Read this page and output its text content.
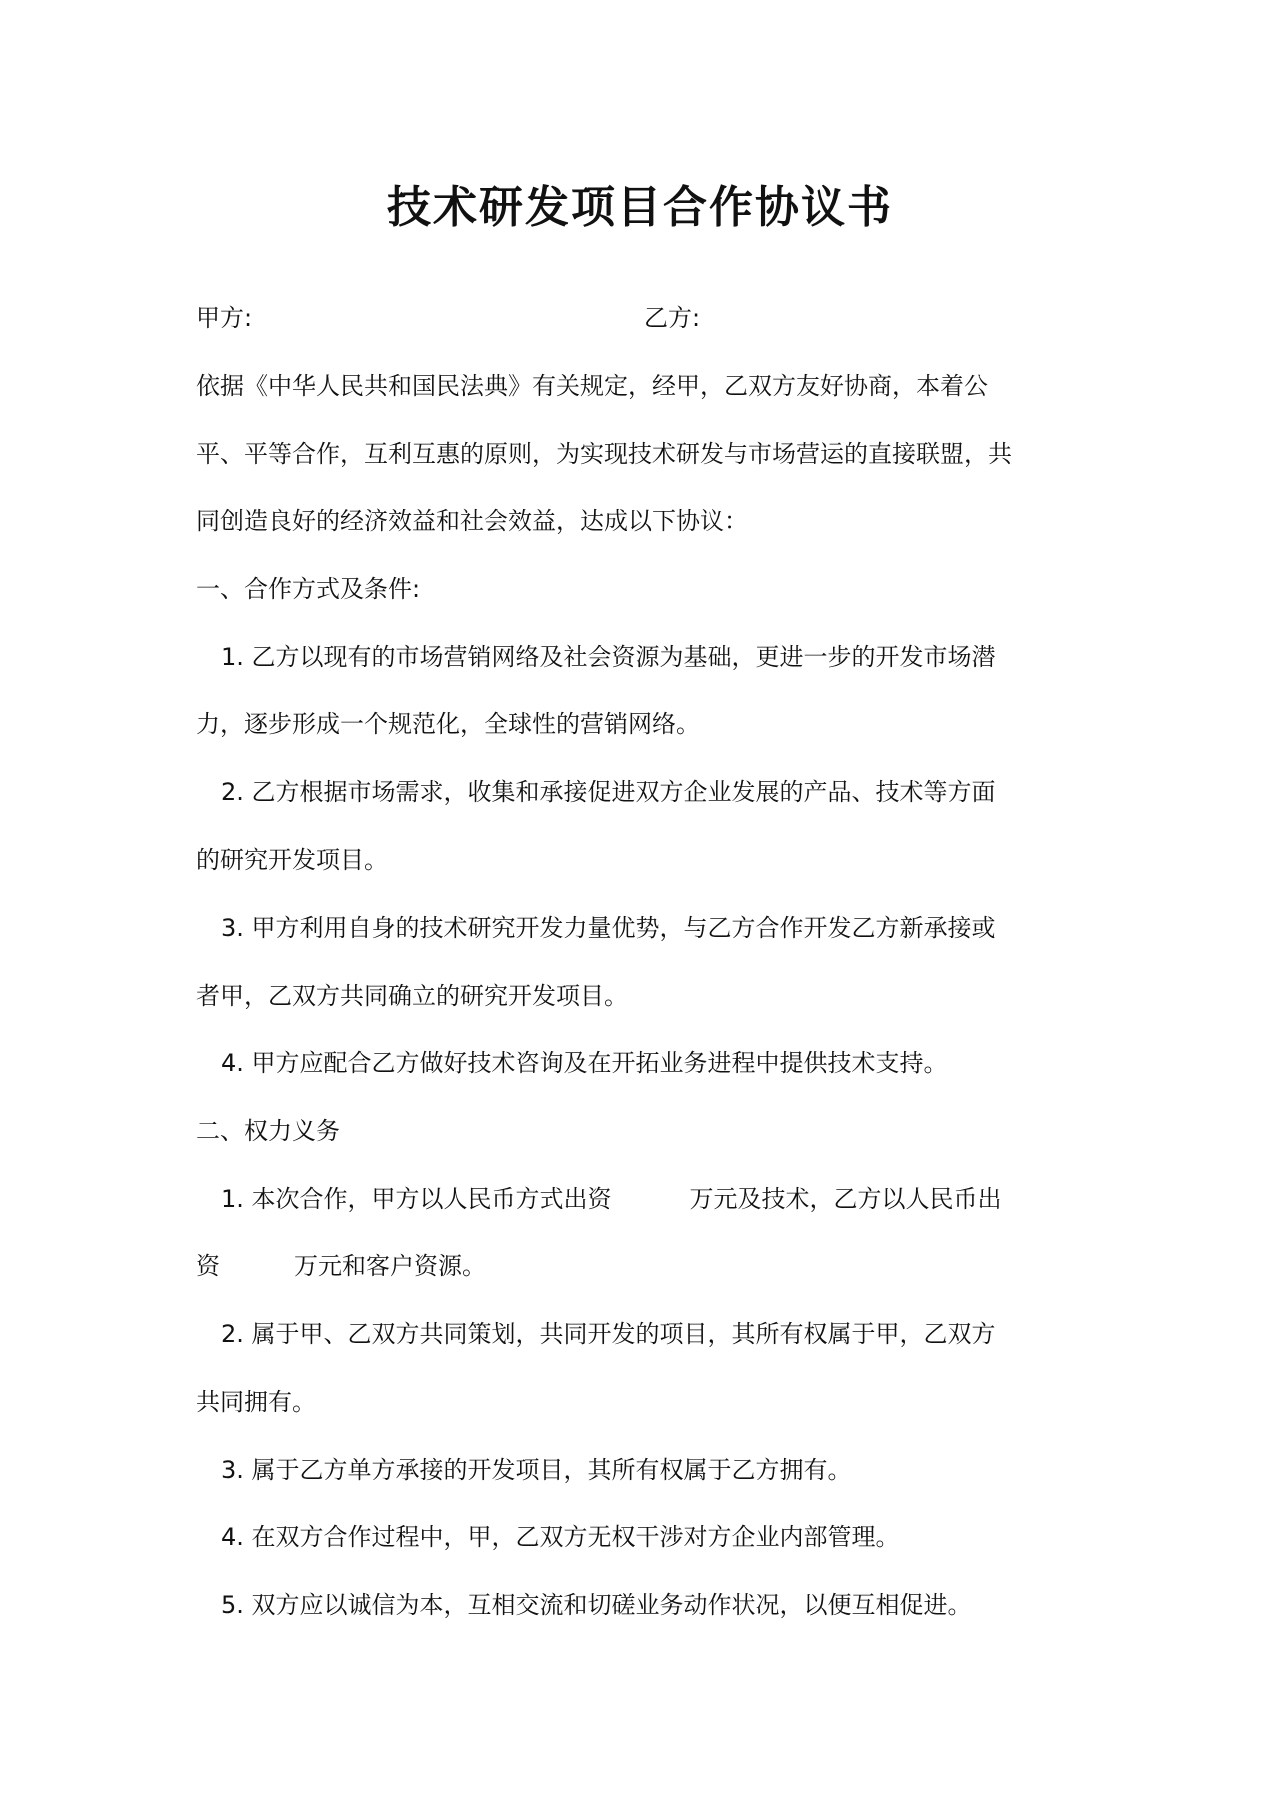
技术研发项目合作协议书
甲方:	乙方:
依据《中华人民共和国民法典》有关规定，经甲，乙双方友好协商，本着公
平、平等合作，互利互惠的原则，为实现技术研发与市场营运的直接联盟，共
同创造良好的经济效益和社会效益，达成以下协议：
一、合作方式及条件:
1. 乙方以现有的市场营销网络及社会资源为基础，更进一步的开发市场潜
力，逐步形成一个规范化，全球性的营销网络。
2. 乙方根据市场需求，收集和承接促进双方企业发展的产品、技术等方面
的研究开发项目。
3. 甲方利用自身的技术研究开发力量优势，与乙方合作开发乙方新承接或
者甲，乙双方共同确立的研究开发项目。
4. 甲方应配合乙方做好技术咨询及在开拓业务进程中提供技术支持。
二、权力义务
1. 本次合作，甲方以人民币方式出资	万元及技术，乙方以人民币出
资	万元和客户资源。
2. 属于甲、乙双方共同策划，共同开发的项目，其所有权属于甲，乙双方
共同拥有。
3. 属于乙方单方承接的开发项目，其所有权属于乙方拥有。
4. 在双方合作过程中，甲，乙双方无权干涉对方企业内部管理。
5. 双方应以诚信为本，互相交流和切磋业务动作状况，以便互相促进。
